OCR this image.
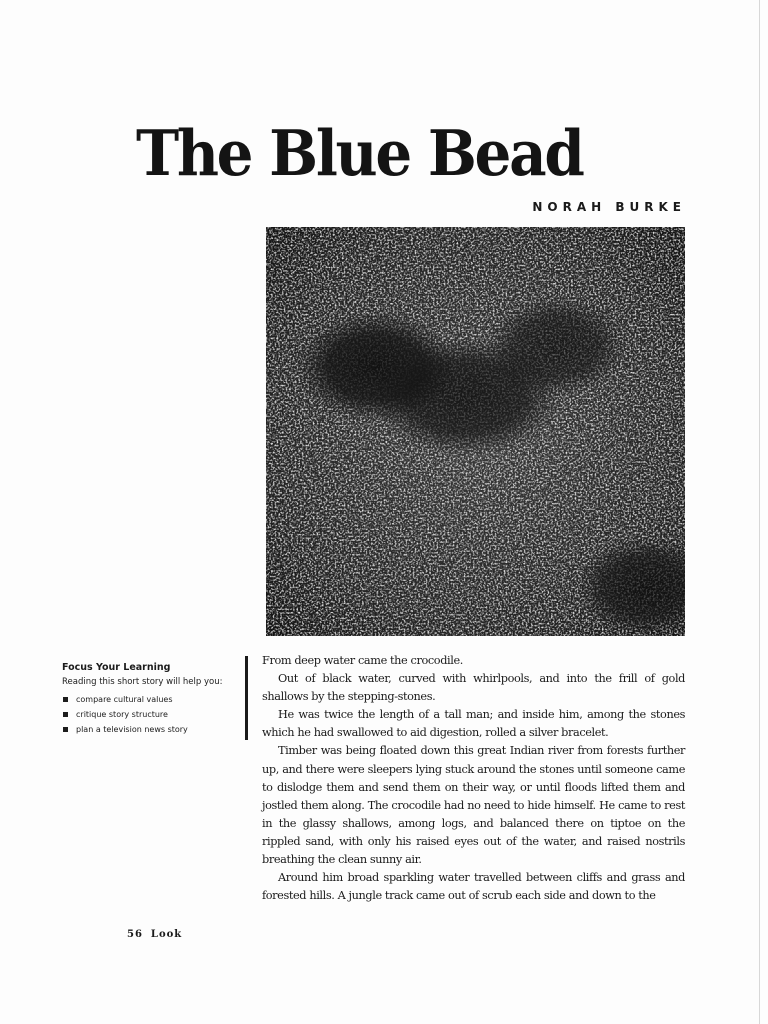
The Blue Bead
NORAH BURKE
Focus Your Learning

Reading this short story will help you:

compare cultural values
critique story structure
plan a television news story

From deep water came the crocodile.

Out of black water, curved with whirlpools, and into the frill of gold shallows by the stepping-stones.

He was twice the length of a tall man; and inside him, among the stones which he had swallowed to aid digestion, rolled a silver bracelet.

Timber was being floated down this great Indian river from forests further up, and there were sleepers lying stuck around the stones until someone came to dislodge them and send them on their way, or until floods lifted them and jostled them along. The crocodile had no need to hide himself. He came to rest in the glassy shallows, among logs, and balanced there on tiptoe on the rippled sand, with only his raised eyes out of the water, and raised nostrils breathing the clean sunny air.

Around him broad sparkling water travelled between cliffs and grass and forested hills. A jungle track came out of scrub each side and down to the

56 Look
